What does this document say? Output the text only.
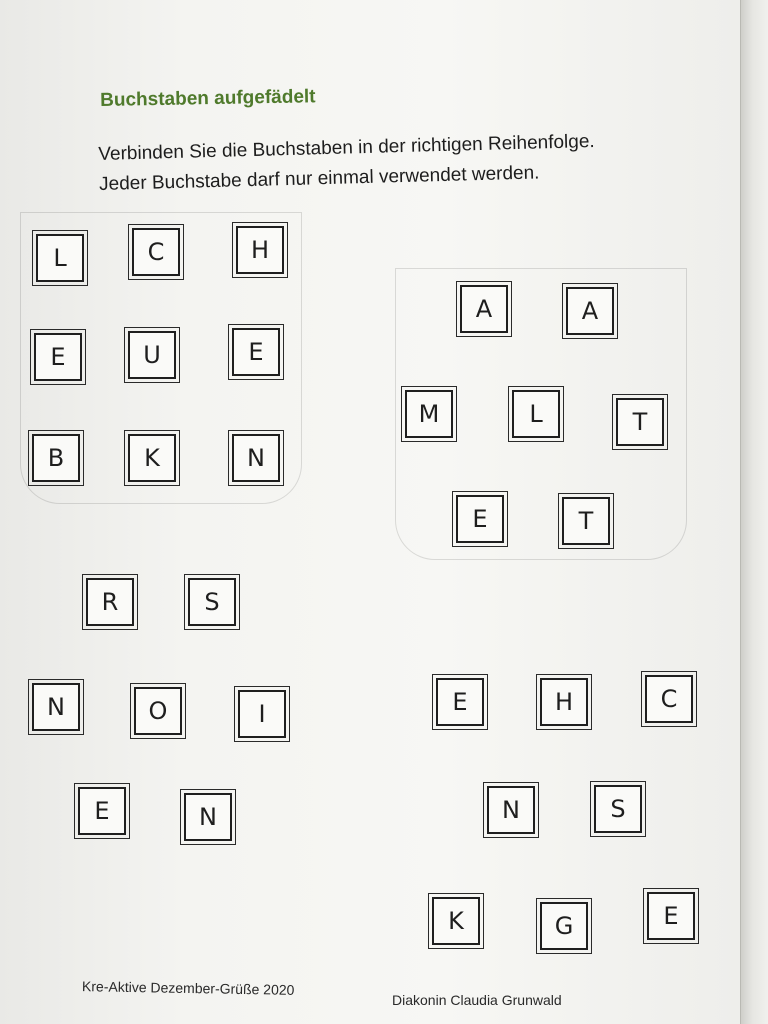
Buchstaben aufgefädelt

Verbinden Sie die Buchstaben in der richtigen Reihenfolge.
Jeder Buchstabe darf nur einmal verwendet werden.

L	C	H
E	U	E
B	K	N
A	A
M	L	T
E	T
R	S
N	O	I
E	N
E	H	C
N	S
K	G	E
Kre-Aktive Dezember-Grüße 2020
Diakonin Claudia Grunwald
